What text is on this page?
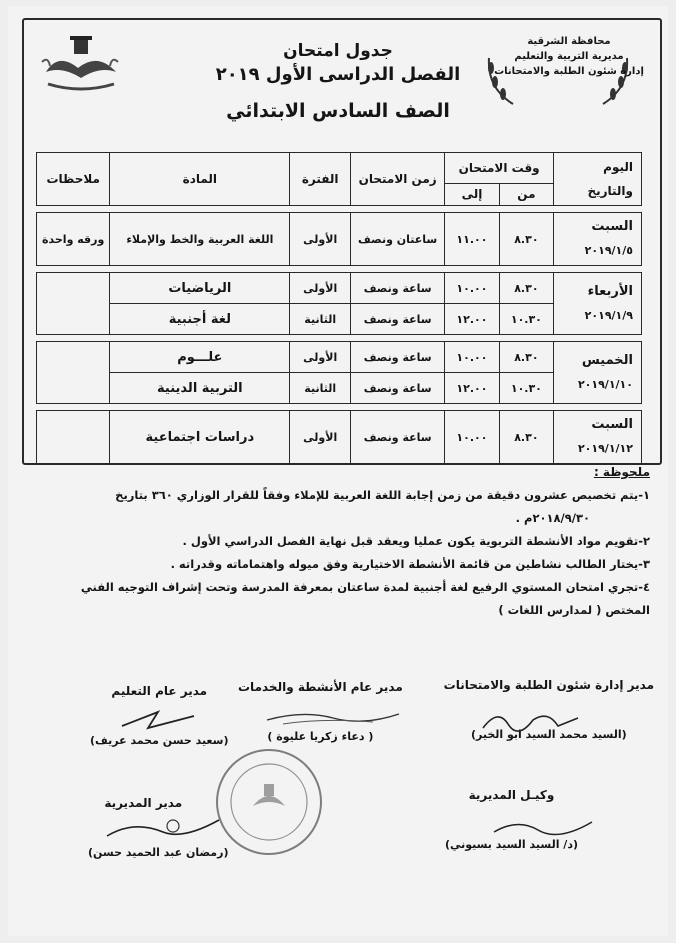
محافظة الشرقية
مديرية التربية والتعليم
إدارة شئون الطلبة والامتحانات
جدول امتحان
الفصل الدراسى الأول ٢٠١٩
الصف السادس الابتدائي
اليوم والتاريخ	وقت الامتحان		زمن الامتحان	الفترة	المادة	ملاحظات
	من	إلى				

السبت
٢٠١٩/١/٥	٨.٣٠	١١.٠٠	ساعتان ونصف	الأولى	اللغة العربية والخط والإملاء	ورقه واحدة

الأربعاء
٢٠١٩/١/٩	٨.٣٠	١٠.٠٠	ساعة ونصف	الأولى	الرياضيات	
	١٠.٣٠	١٢.٠٠	ساعة ونصف	الثانية	لغة أجنبية	

الخميس
٢٠١٩/١/١٠	٨.٣٠	١٠.٠٠	ساعة ونصف	الأولى	علـــوم	
	١٠.٣٠	١٢.٠٠	ساعة ونصف	الثانية	التربية الدينية	

السبت
٢٠١٩/١/١٢	٨.٣٠	١٠.٠٠	ساعة ونصف	الأولى	دراسات اجتماعية	

ملحوظة :

١-يتم تخصيص عشرون دقيقة من زمن إجابة اللغة العربية للإملاء وفقاً للقرار الوزاري ٣٦٠ بتاريخ

٢٠١٨/٩/٣٠م .

٢-تقويم مواد الأنشطة التربوية يكون عمليا ويعقد قبل نهاية الفصل الدراسي الأول .

٣-يختار الطالب نشاطين من قائمة الأنشطة الاختيارية وفق ميوله واهتماماته وقدراته .

٤-تجري امتحان المستوي الرفيع لغة أجنبية لمدة ساعتان بمعرفة المدرسة وتحت إشراف التوجيه الفني

المختص ( لمدارس اللغات )

مدير إدارة شئون الطلبة والامتحانات
(السيد محمد السيد ابو الخير)
مدير عام الأنشطة والخدمات
( دعاء زكريا عليوة )
مدير عام التعليم
(سعيد حسن محمد عريف)
وكيـل المديرية
(د/ السيد السيد بسيوني)
مدير المديرية
(رمضان عبد الحميد حسن)
